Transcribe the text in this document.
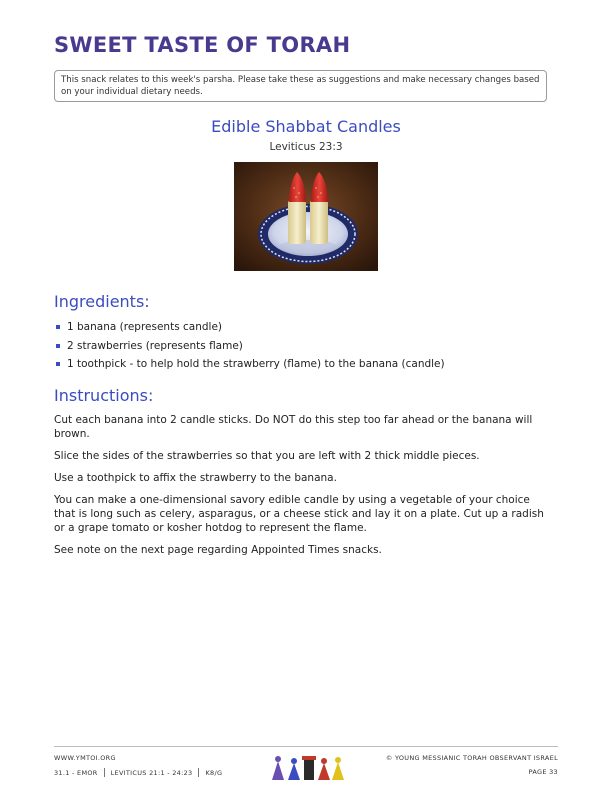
SWEET TASTE OF TORAH
This snack relates to this week's parsha. Please take these as suggestions and make necessary changes based on your individual dietary needs.
Edible Shabbat Candles
Leviticus 23:3
Ingredients:
1 banana (represents candle)
2 strawberries (represents flame)
1 toothpick - to help hold the strawberry (flame) to the banana (candle)
Instructions:

Cut each banana into 2 candle sticks. Do NOT do this step too far ahead or the banana will brown.

Slice the sides of the strawberries so that you are left with 2 thick middle pieces.

Use a toothpick to affix the strawberry to the banana.

You can make a one-dimensional savory edible candle by using a vegetable of your choice that is long such as celery, asparagus, or a cheese stick and lay it on a plate. Cut up a radish or a grape tomato or kosher hotdog to represent the flame.

See note on the next page regarding Appointed Times snacks.

WWW.YMTOI.ORG
31.1 - EMOR LEVITICUS 21:1 - 24:23 K8/G
© YOUNG MESSIANIC TORAH OBSERVANT ISRAEL
PAGE 33
